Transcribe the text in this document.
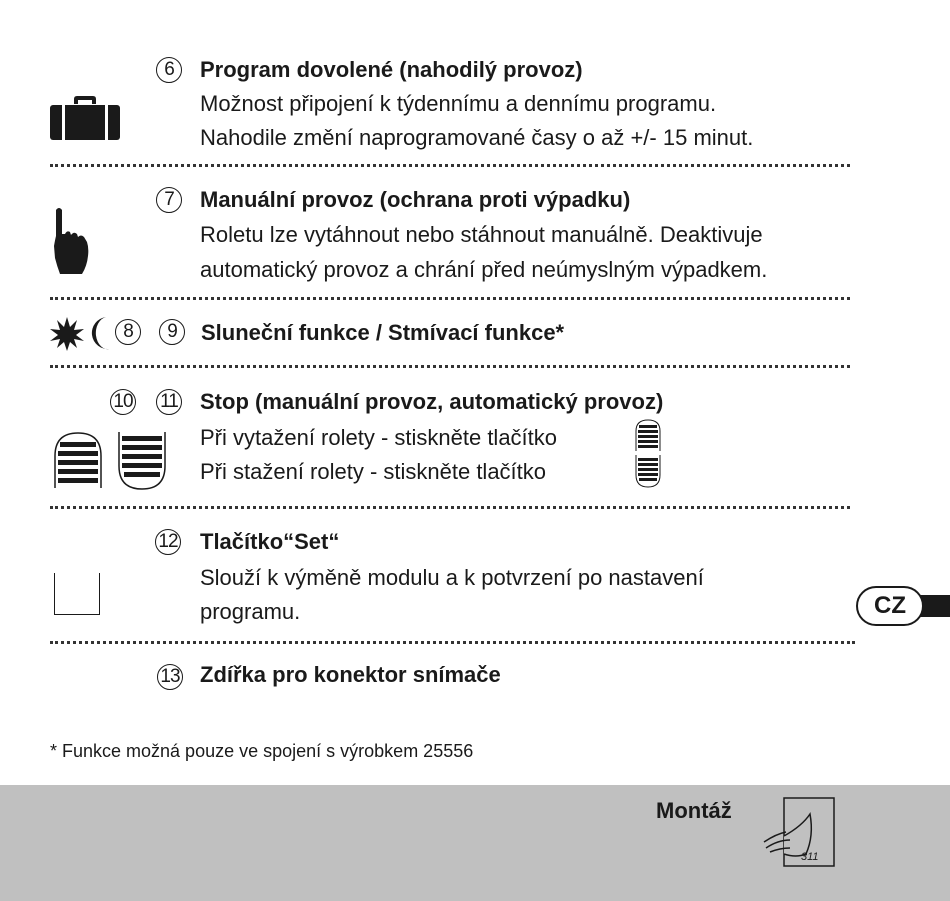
6	Program dovolené (nahodilý provoz)
Možnost připojení k týdennímu a dennímu programu.
Nahodile změní naprogramované časy o až +/- 15 minut.
7	Manuální provoz (ochrana proti výpadku)
Roletu lze vytáhnout nebo stáhnout manuálně. Deaktivuje
automatický provoz a chrání před neúmyslným výpadkem.
8	9	Sluneční funkce / Stmívací funkce*
10 11 Stop (manuální provoz, automatický provoz)
Při vytažení rolety - stiskněte tlačítko
Při stažení rolety - stiskněte tlačítko
12 Tlačítko“Set“
Slouží k výměně modulu a k potvrzení po nastavení
programu.
13 Zdířka pro konektor snímače
CZ
* Funkce možná pouze ve spojení s výrobkem 25556
Montáž
311
